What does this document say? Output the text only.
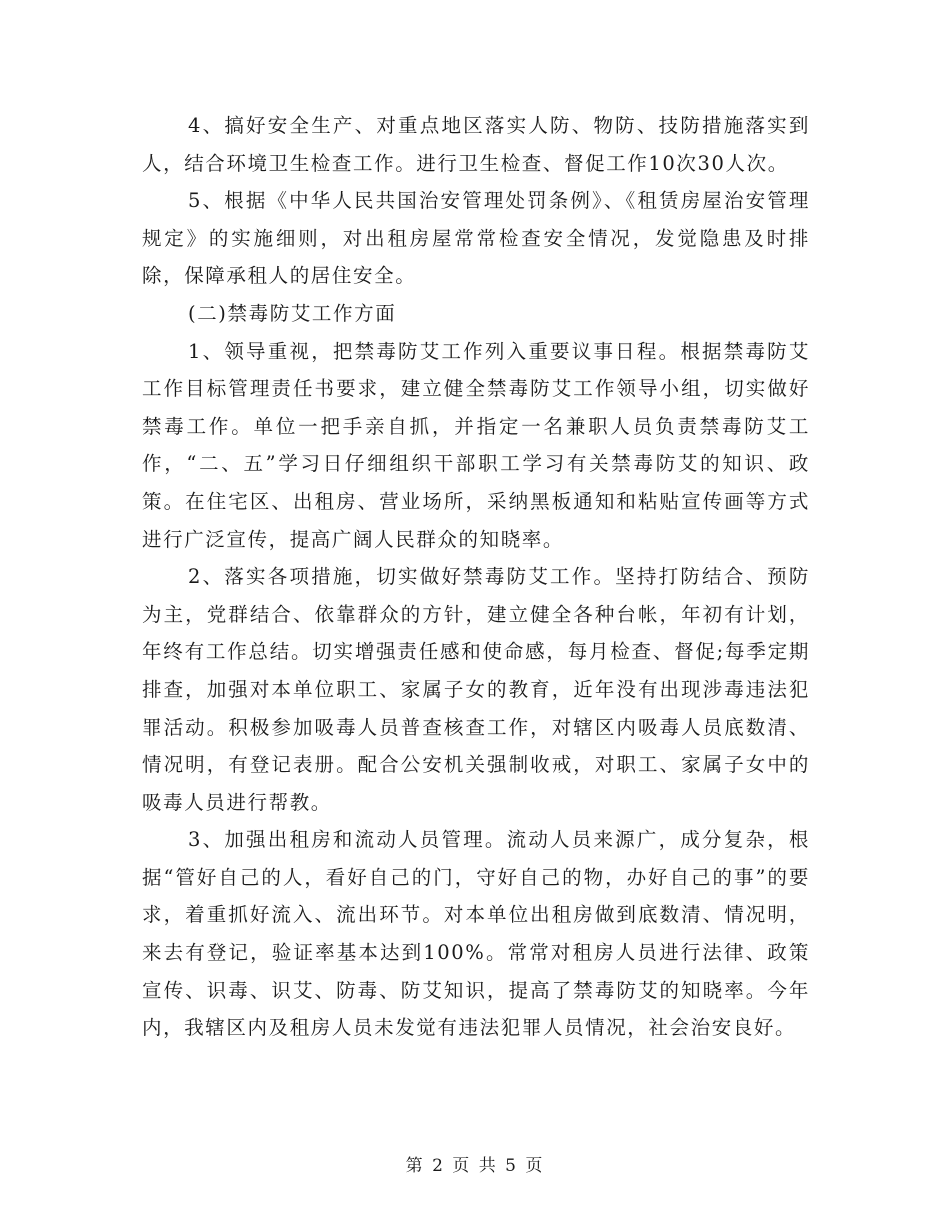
4、搞好安全生产、对重点地区落实人防、物防、技防措施落实到人，结合环境卫生检查工作。进行卫生检查、督促工作10次30人次。

5、根据《中华人民共国治安管理处罚条例》、《租赁房屋治安管理规定》的实施细则，对出租房屋常常检查安全情况，发觉隐患及时排除，保障承租人的居住安全。

(二)禁毒防艾工作方面

1、领导重视，把禁毒防艾工作列入重要议事日程。根据禁毒防艾工作目标管理责任书要求，建立健全禁毒防艾工作领导小组，切实做好禁毒工作。单位一把手亲自抓，并指定一名兼职人员负责禁毒防艾工作，“二、五”学习日仔细组织干部职工学习有关禁毒防艾的知识、政策。在住宅区、出租房、营业场所，采纳黑板通知和粘贴宣传画等方式进行广泛宣传，提高广阔人民群众的知晓率。

2、落实各项措施，切实做好禁毒防艾工作。坚持打防结合、预防为主，党群结合、依靠群众的方针，建立健全各种台帐，年初有计划，年终有工作总结。切实增强责任感和使命感，每月检查、督促;每季定期排查，加强对本单位职工、家属子女的教育，近年没有出现涉毒违法犯罪活动。积极参加吸毒人员普查核查工作，对辖区内吸毒人员底数清、情况明，有登记表册。配合公安机关强制收戒，对职工、家属子女中的吸毒人员进行帮教。

3、加强出租房和流动人员管理。流动人员来源广，成分复杂，根据“管好自己的人，看好自己的门，守好自己的物，办好自己的事”的要求，着重抓好流入、流出环节。对本单位出租房做到底数清、情况明，来去有登记，验证率基本达到100%。常常对租房人员进行法律、政策宣传、识毒、识艾、防毒、防艾知识，提高了禁毒防艾的知晓率。今年内，我辖区内及租房人员未发觉有违法犯罪人员情况，社会治安良好。

第 2 页 共 5 页
